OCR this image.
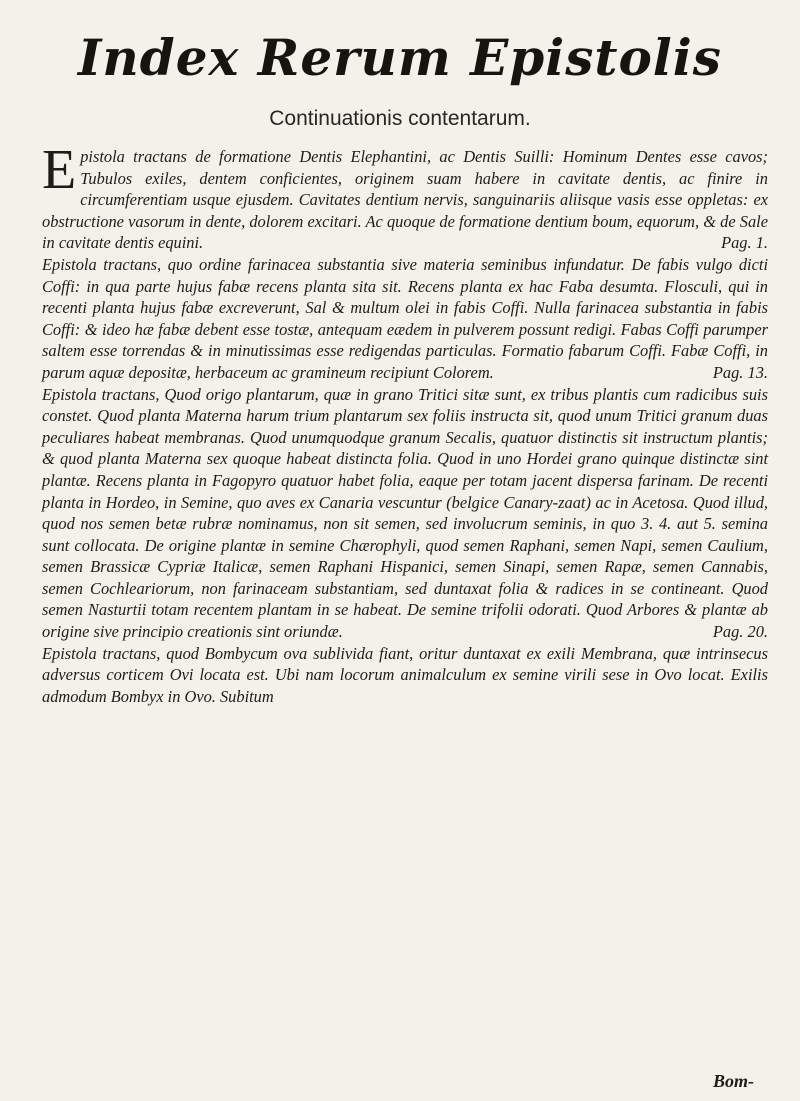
Index Rerum Epistolis

Continuationis contentarum.

Epistola tractans de formatione Dentis Elephantini, ac Dentis Suilli: Hominum Dentes esse cavos; Tubulos exiles, dentem conficientes, originem suam habere in cavitate dentis, ac finire in circumferentiam usque ejusdem. Cavitates dentium nervis, sanguinariis aliisque vasis esse oppletas: ex obstructione vasorum in dente, dolorem excitari. Ac quoque de formatione dentium boum, equorum, & de Sale in cavitate dentis equini.	Pag. 1.

Epistola tractans, quo ordine farinacea substantia sive materia seminibus infundatur. De fabis vulgo dicti Coffi: in qua parte hujus fabæ recens planta sita sit. Recens planta ex hac Faba desumta. Flosculi, qui in recenti planta hujus fabæ excreverunt, Sal & multum olei in fabis Coffi. Nulla farinacea substantia in fabis Coffi: & ideo hæ fabæ debent esse tostæ, antequam eædem in pulverem possunt redigi. Fabas Coffi parumper saltem esse torrendas & in minutissimas esse redigendas particulas. Formatio fabarum Coffi. Fabæ Coffi, in parum aquæ depositæ, herbaceum ac gramineum recipiunt Colorem.	Pag. 13.

Epistola tractans, Quod origo plantarum, quæ in grano Tritici sitæ sunt, ex tribus plantis cum radicibus suis constet. Quod planta Materna harum trium plantarum sex foliis instructa sit, quod unum Tritici granum duas peculiares habeat membranas. Quod unumquodque granum Secalis, quatuor distinctis sit instructum plantis; & quod planta Materna sex quoque habeat distincta folia. Quod in uno Hordei grano quinque distinctæ sint plantæ. Recens planta in Fagopyro quatuor habet folia, eaque per totam jacent dispersa farinam. De recenti planta in Hordeo, in Semine, quo aves ex Canaria vescuntur (belgice Canary-zaat) ac in Acetosa. Quod illud, quod nos semen betæ rubræ nominamus, non sit semen, sed involucrum seminis, in quo 3. 4. aut 5. semina sunt collocata. De origine plantæ in semine Chærophyli, quod semen Raphani, semen Napi, semen Caulium, semen Brassicæ Cypriæ Italicæ, semen Raphani Hispanici, semen Sinapi, semen Rapæ, semen Cannabis, semen Cochleariorum, non farinaceam substantiam, sed duntaxat folia & radices in se contineant. Quod semen Nasturtii totam recentem plantam in se habeat. De semine trifolii odorati. Quod Arbores & plantæ ab origine sive principio creationis sint oriundæ.	Pag. 20.

Epistola tractans, quod Bombycum ova sublivida fiant, oritur duntaxat ex exili Membrana, quæ intrinsecus adversus corticem Ovi locata est. Ubi nam locorum animalculum ex semine virili sese in Ovo locat. Exilis admodum Bombyx in Ovo. Subitum

Bom-
